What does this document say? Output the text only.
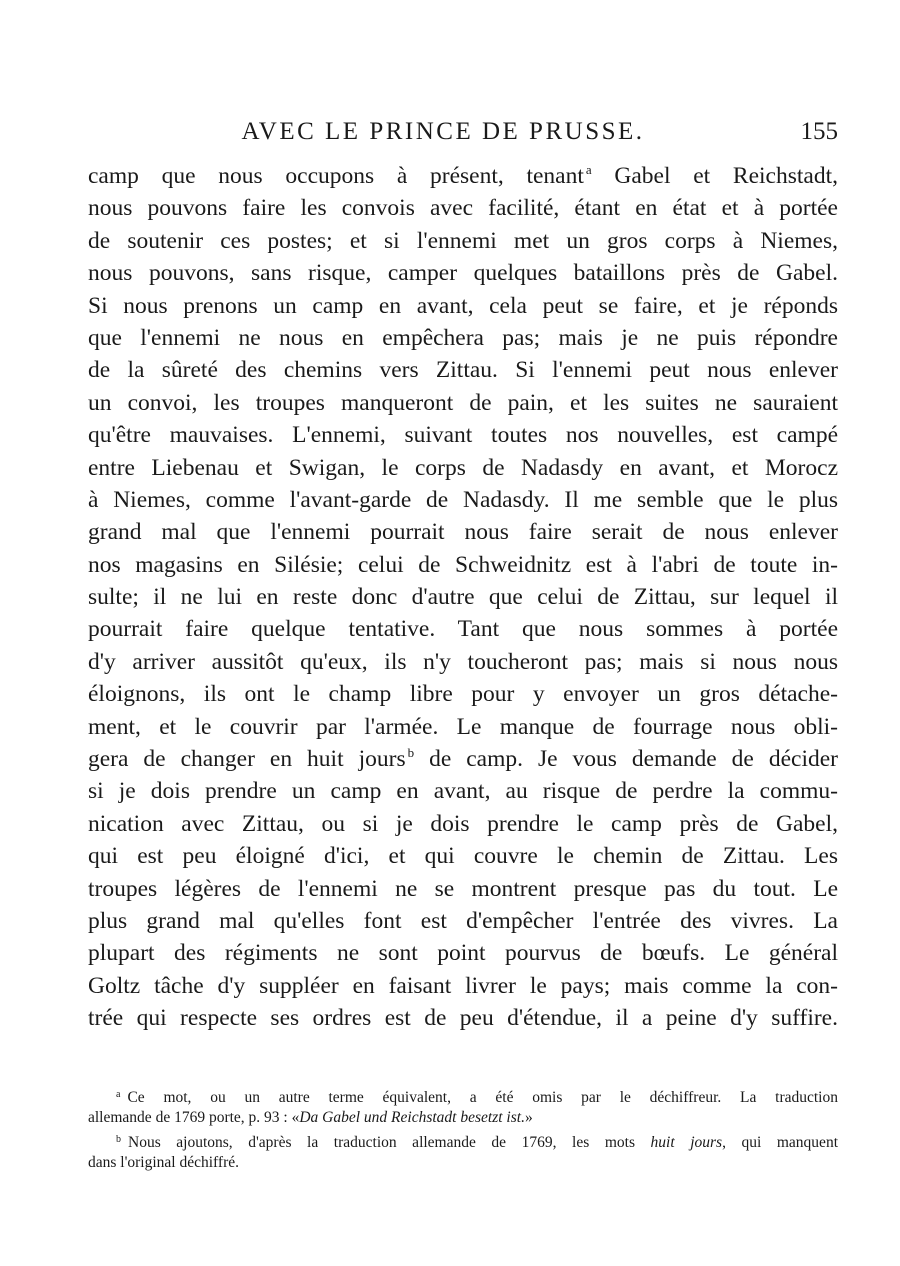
AVEC LE PRINCE DE PRUSSE.	155
camp que nous occupons à présent, tenant $^a$ Gabel et Reichstadt,
nous pouvons faire les convois avec facilité, étant en état et à portée
de soutenir ces postes; et si l'ennemi met un gros corps à Niemes,
nous pouvons, sans risque, camper quelques bataillons près de Gabel.
Si nous prenons un camp en avant, cela peut se faire, et je réponds
que l'ennemi ne nous en empêchera pas; mais je ne puis répondre
de la sûreté des chemins vers Zittau. Si l'ennemi peut nous enlever
un convoi, les troupes manqueront de pain, et les suites ne sauraient
qu'être mauvaises. L'ennemi, suivant toutes nos nouvelles, est campé
entre Liebenau et Swigan, le corps de Nadasdy en avant, et Morocz
à Niemes, comme l'avant-garde de Nadasdy. Il me semble que le plus
grand mal que l'ennemi pourrait nous faire serait de nous enlever
nos magasins en Silésie; celui de Schweidnitz est à l'abri de toute in-
sulte; il ne lui en reste donc d'autre que celui de Zittau, sur lequel il
pourrait faire quelque tentative. Tant que nous sommes à portée
d'y arriver aussitôt qu'eux, ils n'y toucheront pas; mais si nous nous
éloignons, ils ont le champ libre pour y envoyer un gros détache-
ment, et le couvrir par l'armée. Le manque de fourrage nous obli-
gera de changer en huit jours $^b$ de camp. Je vous demande de décider
si je dois prendre un camp en avant, au risque de perdre la commu-
nication avec Zittau, ou si je dois prendre le camp près de Gabel,
qui est peu éloigné d'ici, et qui couvre le chemin de Zittau. Les
troupes légères de l'ennemi ne se montrent presque pas du tout. Le
plus grand mal qu'elles font est d'empêcher l'entrée des vivres. La
plupart des régiments ne sont point pourvus de bœufs. Le général
Goltz tâche d'y suppléer en faisant livrer le pays; mais comme la con-
trée qui respecte ses ordres est de peu d'étendue, il a peine d'y suffire.
$^a$ Ce mot, ou un autre terme équivalent, a été omis par le déchiffreur. La traduction
allemande de 1769 porte, p. 93 : «Da Gabel und Reichstadt besetzt ist.»
$^b$ Nous ajoutons, d'après la traduction allemande de 1769, les mots huit jours, qui manquent
dans l'original déchiffré.
